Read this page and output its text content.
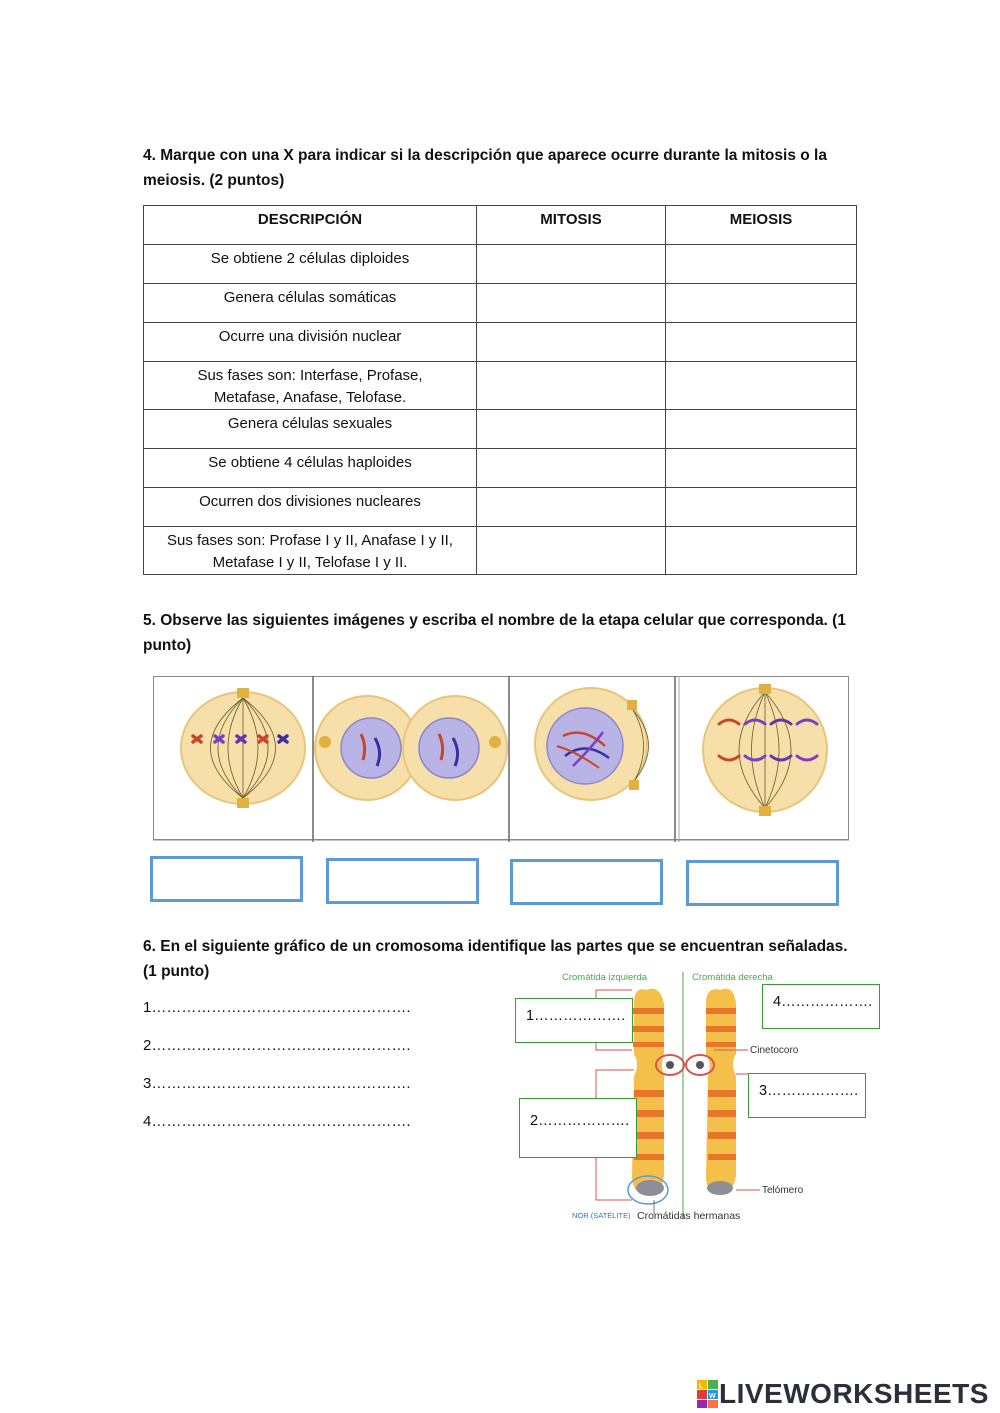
4. Marque con una X para indicar si la descripción que aparece ocurre durante la mitosis o la meiosis. (2 puntos)

DESCRIPCIÓN	MITOSIS	MEIOSIS
Se obtiene 2 células diploides		
Genera células somáticas		
Ocurre una división nuclear		

Sus fases son: Interfase, Profase,
Metafase, Anafase, Telofase.		

Genera células sexuales		
Se obtiene 4 células haploides		
Ocurren dos divisiones nucleares		

Sus fases son: Profase I y II, Anafase I y II,
Metafase I y II, Telofase I y II.		

5. Observe las siguientes imágenes y escriba el nombre de la etapa celular que corresponda. (1 punto)

6. En el siguiente gráfico de un cromosoma identifique las partes que se encuentran señaladas. (1 punto)

1…………………………………………….
2…………………………………………….
3…………………………………………….
4…………………………………………….
Cromátida izquierda	Cromátida derecha
Cinetocoro
Telómero
NOR (SATÉLITE) Cromátidas hermanas
1……………….
2……………….
3……………….
4……………….
L
W LIVEWORKSHEETS
